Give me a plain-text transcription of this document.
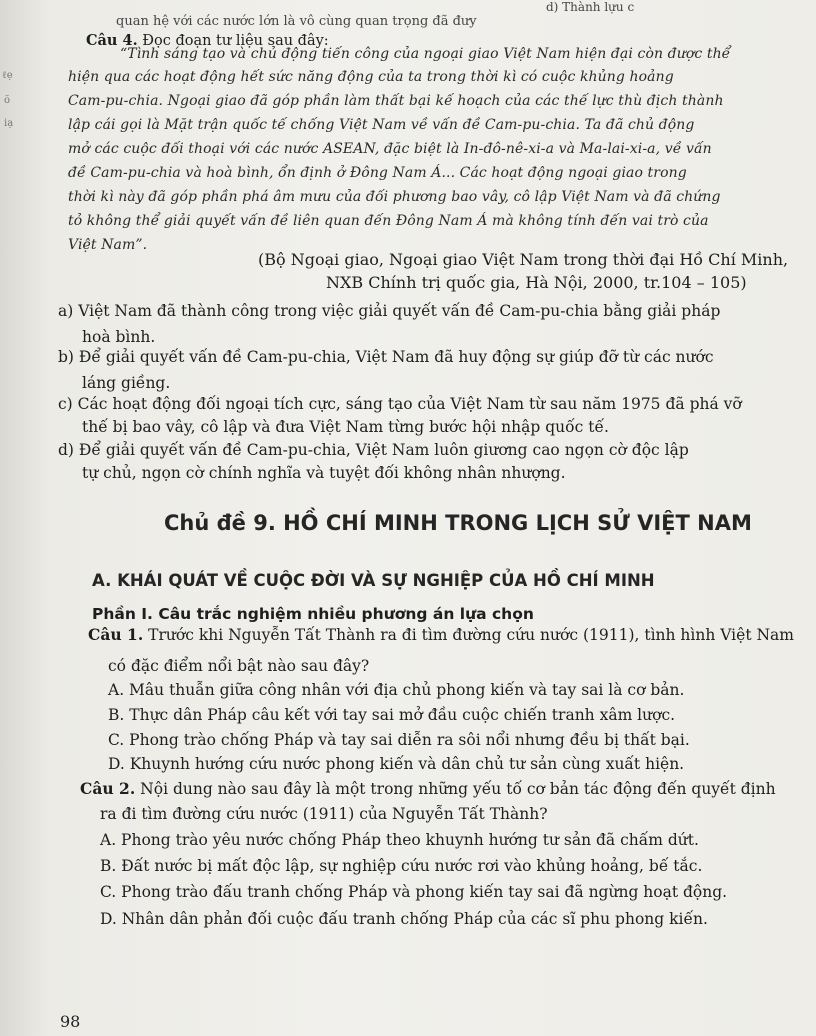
d) Thành lựu c
quan hệ với các nước lớn là vô cùng quan trọng đã đưy
ℓẹ
õ
iạ
Câu 4. Đọc đoạn tư liệu sau đây:
“Tình sáng tạo và chủ động tiến công của ngoại giao Việt Nam hiện đại còn được thể
hiện qua các hoạt động hết sức năng động của ta trong thời kì có cuộc khủng hoảng
Cam-pu-chia. Ngoại giao đã góp phần làm thất bại kế hoạch của các thế lực thù địch thành
lập cái gọi là Mặt trận quốc tế chống Việt Nam về vấn đề Cam-pu-chia. Ta đã chủ động
mở các cuộc đối thoại với các nước ASEAN, đặc biệt là In-đô-nê-xi-a và Ma-lai-xi-a, về vấn
đề Cam-pu-chia và hoà bình, ổn định ở Đông Nam Á... Các hoạt động ngoại giao trong
thời kì này đã góp phần phá âm mưu của đối phương bao vây, cô lập Việt Nam và đã chứng
tỏ không thể giải quyết vấn đề liên quan đến Đông Nam Á mà không tính đến vai trò của
Việt Nam”.
(Bộ Ngoại giao, Ngoại giao Việt Nam trong thời đại Hồ Chí Minh,
NXB Chính trị quốc gia, Hà Nội, 2000, tr.104 – 105)
a) Việt Nam đã thành công trong việc giải quyết vấn đề Cam-pu-chia bằng giải pháp
hoà bình.
b) Để giải quyết vấn đề Cam-pu-chia, Việt Nam đã huy động sự giúp đỡ từ các nước
láng giềng.
c) Các hoạt động đối ngoại tích cực, sáng tạo của Việt Nam từ sau năm 1975 đã phá vỡ
thế bị bao vây, cô lập và đưa Việt Nam từng bước hội nhập quốc tế.
d) Để giải quyết vấn đề Cam-pu-chia, Việt Nam luôn giương cao ngọn cờ độc lập
tự chủ, ngọn cờ chính nghĩa và tuyệt đối không nhân nhượng.
Chủ đề 9. HỒ CHÍ MINH TRONG LỊCH SỬ VIỆT NAM
A. KHÁI QUÁT VỀ CUỘC ĐỜI VÀ SỰ NGHIỆP CỦA HỒ CHÍ MINH
Phần I. Câu trắc nghiệm nhiều phương án lựa chọn
Câu 1. Trước khi Nguyễn Tất Thành ra đi tìm đường cứu nước (1911), tình hình Việt Nam
có đặc điểm nổi bật nào sau đây?
A. Mâu thuẫn giữa công nhân với địa chủ phong kiến và tay sai là cơ bản.
B. Thực dân Pháp câu kết với tay sai mở đầu cuộc chiến tranh xâm lược.
C. Phong trào chống Pháp và tay sai diễn ra sôi nổi nhưng đều bị thất bại.
D. Khuynh hướng cứu nước phong kiến và dân chủ tư sản cùng xuất hiện.
Câu 2. Nội dung nào sau đây là một trong những yếu tố cơ bản tác động đến quyết định
ra đi tìm đường cứu nước (1911) của Nguyễn Tất Thành?
A. Phong trào yêu nước chống Pháp theo khuynh hướng tư sản đã chấm dứt.
B. Đất nước bị mất độc lập, sự nghiệp cứu nước rơi vào khủng hoảng, bế tắc.
C. Phong trào đấu tranh chống Pháp và phong kiến tay sai đã ngừng hoạt động.
D. Nhân dân phản đối cuộc đấu tranh chống Pháp của các sĩ phu phong kiến.
98
